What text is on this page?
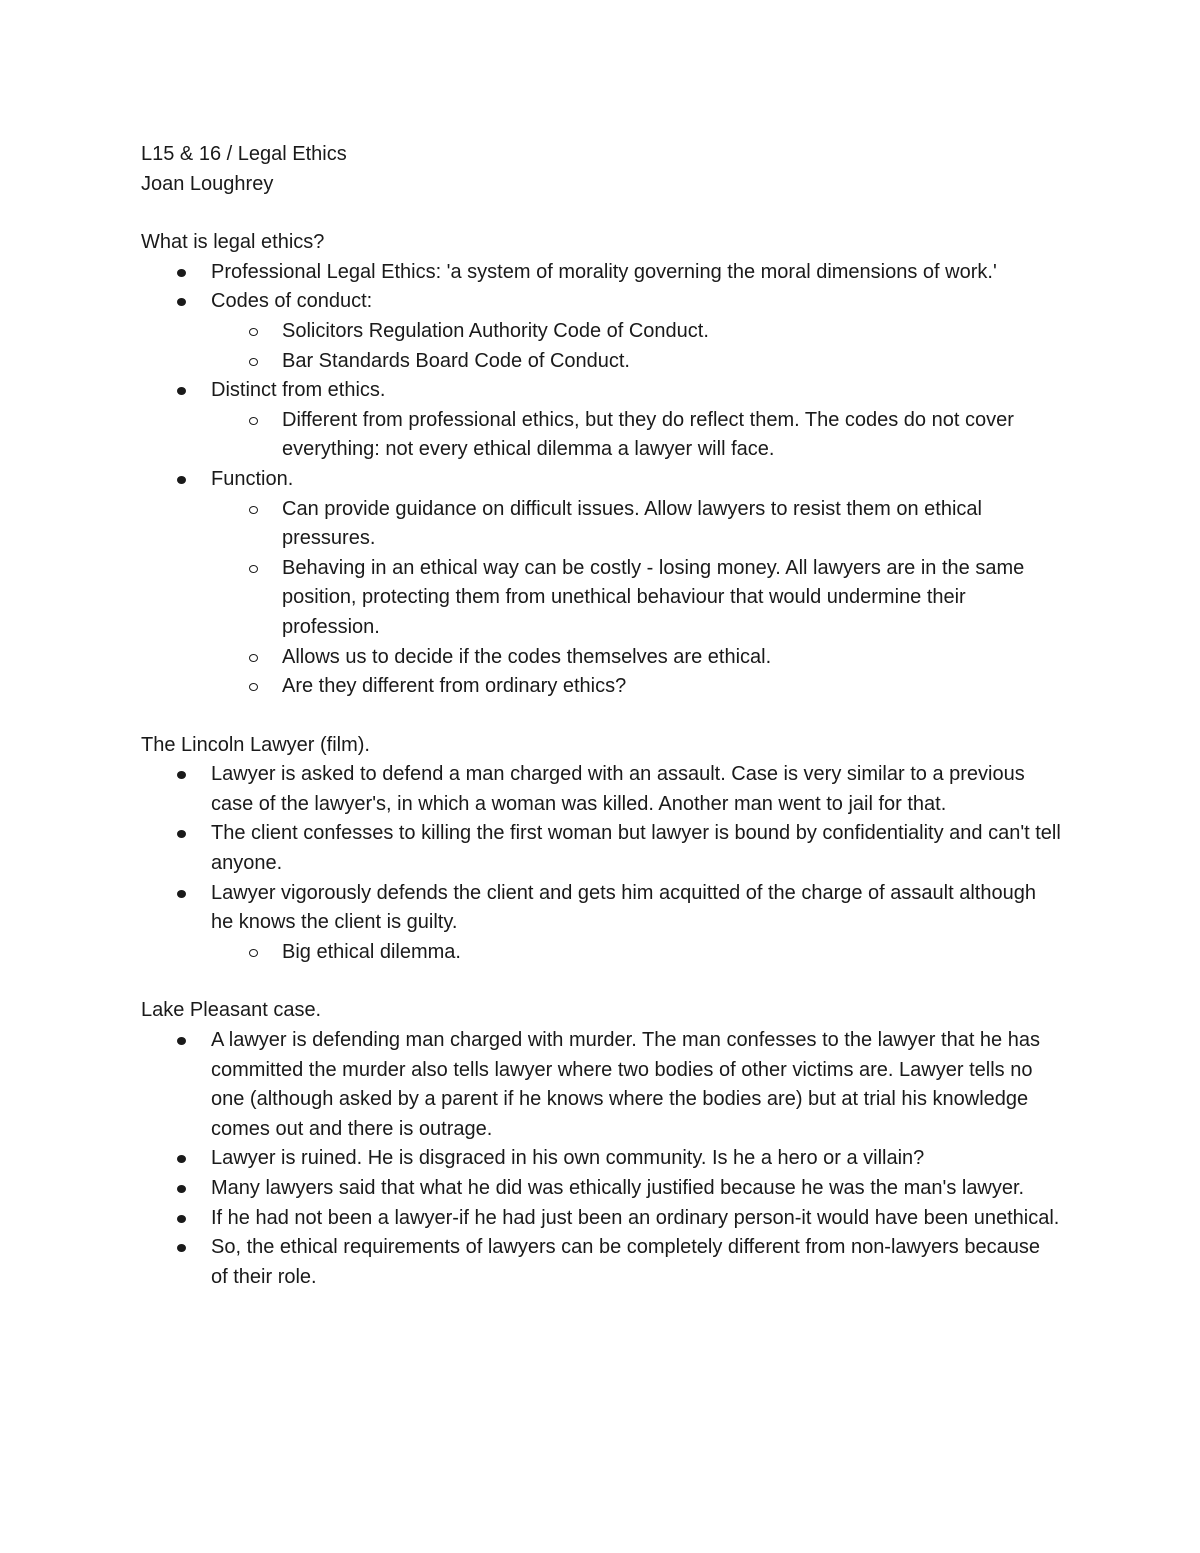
L15 & 16 / Legal Ethics

Joan Loughrey

What is legal ethics?

Professional Legal Ethics: 'a system of morality governing the moral dimensions of work.'
Codes of conduct:
Solicitors Regulation Authority Code of Conduct.
Bar Standards Board Code of Conduct.
Distinct from ethics.
Different from professional ethics, but they do reflect them. The codes do not cover everything: not every ethical dilemma a lawyer will face.
Function.
Can provide guidance on difficult issues. Allow lawyers to resist them on ethical pressures.
Behaving in an ethical way can be costly - losing money. All lawyers are in the same position, protecting them from unethical behaviour that would undermine their profession.
Allows us to decide if the codes themselves are ethical.
Are they different from ordinary ethics?

The Lincoln Lawyer (film).

Lawyer is asked to defend a man charged with an assault. Case is very similar to a previous case of the lawyer's, in which a woman was killed. Another man went to jail for that.
The client confesses to killing the first woman but lawyer is bound by confidentiality and can't tell anyone.
Lawyer vigorously defends the client and gets him acquitted of the charge of assault although he knows the client is guilty.
Big ethical dilemma.

Lake Pleasant case.

A lawyer is defending man charged with murder. The man confesses to the lawyer that he has committed the murder also tells lawyer where two bodies of other victims are. Lawyer tells no one (although asked by a parent if he knows where the bodies are) but at trial his knowledge comes out and there is outrage.
Lawyer is ruined. He is disgraced in his own community. Is he a hero or a villain?
Many lawyers said that what he did was ethically justified because he was the man's lawyer.
If he had not been a lawyer-if he had just been an ordinary person-it would have been unethical.
So, the ethical requirements of lawyers can be completely different from non-lawyers because of their role.
